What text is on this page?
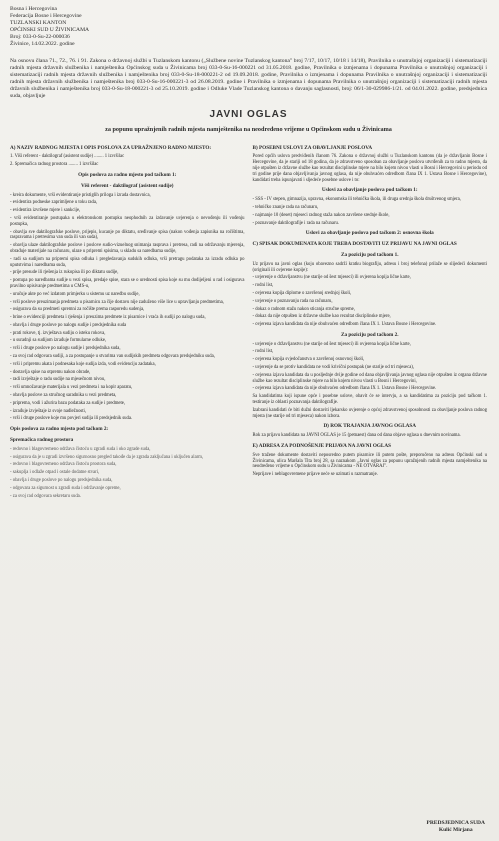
Bosna i Hercegovina
Federacija Bosne i Hercegovine
TUZLANSKI KANTON
OPĆINSKI SUD U ŽIVINICAMA
Broj: 033-0-Su-22-000036
Živinice, 14.02.2022. godine
Na osnovu člana 71., 72., 76. i 91. Zakona o državnoj službi u Tuzlanskom kantonu („Službene novine Tuzlanskog kantona" broj 7/17, 10/17, 10/18 i 14/18), Pravilnika o unutrašnjoj organizaciji i sistematizaciji radnih mjesta državnih službenika i namještenika Općinskog suda u Živinicama broj 033-0-Su-16-000221 od 31.05.2018. godine, Pravilnika o izmjenama i dopunama Pravilnika o unutrašnjoj organizaciji i sistematizaciji radnih mjesta državnih službenika i namještenika broj 033-0-Su-18-000221-2 od 19.09.2018. godine, Pravilnika o izmjenama i dopunama Pravilnika o unutrašnjoj organizaciji i sistematizaciji radnih mjesta državnih službenika i namještenika broj 033-0-Su-16-000221-3 od 26.08.2019. godine i Pravilnika o izmjenama i dopunama Pravilnika o unutrašnjoj organizaciji i sistematizaciji radnih mjesta državnih službenika i namještenika broj 033-0-Su-18-000221-3 od 25.10.2019. godine i Odluke Vlade Tuzlanskog kantona o davanju saglasnosti, broj: 06/1-30-029986-1/21. od 04.01.2022. godine, predsjednica suda, objavljuje
JAVNI OGLAS
za popunu upražnjenih radnih mjesta namještenika na neodređeno vrijeme u Općinskom sudu u Živinicama
A) NAZIV RADNOG MJESTA I OPIS POSLOVA ZA UPRAŽNJENO RADNO MJESTO:

1. Viši referent - daktilograf (asistent sudije) ........ 1 izvršilac

2. Spremačica radnog prostora ........ 1 izvršilac

Opis poslova za radno mjesto pod tačkom 1:
Viši referent - daktilograf (asistent sudije)

- kreira dokumente, vrši evidentiranje pristiglih priloga i izrada dostavnica,

- evidentira podneske zaprimljene u toku rada,

- evidentira izvršene mjere i sankcije,

- vrši evidentiranje postupaka u elektronskom postupku neophodnih za izdavanje uvjerenja o nevođenju ili vođenju postupka,

- obavlja sve daktilografske poslove, prijepis, kucanje po diktatu, sređivanje spisa (nakon vođenja zapisnika na ročištima, raspravama i pretresima van suda ili van suda),

- obavlja ulaze daktilografske poslove i poslove sudio-vizuelnog snimanja rasprava i pretresa, radi na održavanju mjerenja, obrađuje materijale na računaru, ulaze u pripremi spisima, u skladu sa naredbama sudije,

- radi sa sudijom na pripremi spisa odluka i pregledavanja sudskih odluka, vrši pretragu podataka za izradu odluka po uputstvima i naredbama suda,

- prije presude ili rješenja iz rukopisa ili po diktatu sudije,

- postupa po naredbama sudije u vezi spisa, predaje spise, stara se o urednosti spisa koje su mu dodijeljeni u rad i osigurava pravilno upisivanje predmetima u CMS-u,

- uručuje akte po već izdatom primjerku u sistemu uz naredbu sudije,

- vrši poslove preuzimanja predmeta u pisarnicu za čije dostavu nije zaduženo više lice u upravljanju predmetima,

- osigurava da su predmeti spremni za ročište prema rasporedu sudenja,

- brine o evidenciji predmeta i rješenja i preuzima predmete iz pisarnice i vraća ih sudiji po nalogu suda,

- obavlja i druge poslove po nalogu sudije i predsjednika suda

- prati rokove, tj. izvještava sudiju o isteku rokova,

- u suradnji sa sudijom izrađuje formularne odluke,

- vrši i druge poslove po nalogu sudije i predsjednika suda,

- za svoj rad odgovara sudiji, a za postupanje u stvarima van sudijskih predmeta odgovara predsjedniku suda,

- vrši i pripremu akata i podnesaka koje sudija izda, vodi evidenciju zadataka,

- dostavlja spise na otpremu nakon obrade,

- radi izvještaje o radu sudije na mjesečnom nivou,

- vrši umnožavanje materijala u vezi predmeta i na kopir aparatu,

- obavlja poslove za stručnog saradnika u vezi predmeta,

- priprema, vodi i ažurira bazu podataka za sudije i predmete,

- izrađuje izvještaje iz svoje nadležnosti,

- vrši i druge poslove koje mu povjeri sudija ili predsjednik suda.

Opis poslova za radno mjesto pod tačkom 2:
Spremačica radnog prostora

- redovno i blagovremeno održava čistoću u zgradi suda i oko zgrade suda,

- osigurava da je u zgradi izvršeno sigurnosno pregled takođe da je zgrada zaključana i uključen alarm,

- redovno i blagovremeno održava čistoću prostora suda,

- sakuplja i odlaže otpad i ostale dodatne stvari,

- obavlja i druge poslove po nalogu predsjednika suda,

- odgovara za sigurnost u zgradi suda i održavanje opreme,

- za svoj rad odgovara sekretaru suda.

B) POSEBNI USLOVI ZA OBAVLJANJE POSLOVA

Pored općih uslova predviđenih članom 76. Zakona o državnoj službi u Tuzlanskom kantonu (da je državljanin Bosne i Hercegovine, da je stariji od 18 godina, da je zdravstveno sposoban za obavljanje poslova utvrđenih za to radno mjesto, da nije otpušten iz državne službe kao rezultat disciplinske mjere na bilo kojem nivou vlasti u Bosni i Hercegovini u periodu od tri godine prije dana objavljivanja javnog oglasa, da nije obuhvaćen odredbom člana IX 1. Ustava Bosne i Hercegovine), kandidati treba ispunjavati i sljedeće posebne uslove i to:

Uslovi za obavljanje poslova pod tačkom 1:

- SSS - IV stepen, gimnazija, upravna, ekonomska ili tehnička škola, ili druga srednja škola društvenog smjera,

- tehničko znanje rada na računaru,

- najmanje 10 (deset) mjeseci radnog staža nakon završene srednje škole,

- poznavanje daktilografije i rada na računaru.

Uslovi za obavljanje poslova pod tačkom 2: osnovna škola
C) SPISAK DOKUMENATA KOJE TREBA DOSTAVITI UZ PRIJAVU NA JAVNI OGLAS
Za poziciju pod tačkom 1.

Uz prijavu na javni oglas (koju obavezno sadrži kratku biografiju, adresu i broj telefona) prilaže se slijedeći dokumenti (originali ili ovjerene kopije):

- uvjerenje o državljanstvu (ne starije od šest mjeseci) ili ovjerena kopija lične karte,

- rodni list,

- ovjerena kopija diplome o završenoj srednjoj školi,

- uvjerenje o poznavanju rada na računaru,

- dokaz o radnom stažu nakon sticanja stručne spreme,

- dokaz da nije otpušten iz državne službe kao rezultat disciplinske mjere,

- ovjerena izjava kandidata da nije obuhvaćen odredbom člana IX 1. Ustava Bosne i Hercegovine.

Za poziciju pod tačkom 2.

- uvjerenje o državljanstvu (ne starije od šest mjeseci) ili ovjerena kopija lične karte,

- rodni list,

- ovjerena kopija svjedočanstva o završenoj osnovnoj školi,

- uvjerenje da se protiv kandidata ne vodi krivični postupak (ne starije od tri mjeseca),

- ovjerena izjava kandidata da u posljednje dvije godine od dana objavljivanja javnog oglasa nije otpušten iz organa državne službe kao rezultat disciplinske mjere na bilo kojem nivou vlasti u Bosni i Hercegovini,

- ovjerena izjava kandidata da nije obuhvaćen odredbom člana IX 1. Ustava Bosne i Hercegovine.

Sa kandidatima koji ispune opće i posebne uslove, obavit će se intervju, a sa kandidatima za poziciju pod tačkom 1. testiranje iz oblasti poznavanja daktilografije.

Izabrani kandidati će biti dužni dostaviti ljekarsko uvjerenje o općoj zdravstvenoj sposobnosti za obavljanje poslova radnog mjesta (ne starije od tri mjeseca) nakon izbora.

D) ROK TRAJANJA JAVNOG OGLASA

Rok za prijavu kandidata na JAVNI OGLAS je 15 (petnaest) dana od dana objave oglasa u dnevnim novinama.

E) ADRESA ZA PODNOŠENJE PRIJAVA NA JAVNI OGLAS

Sve tražene dokumente dostaviti neposredno putem pisarnice ili putem pošte, preporučeno na adresu Općinski sud u Živinicama, ulica Maršala Tita broj 28, sa naznakom „Javni oglas za popunu upražnjenih radnih mjesta namještenika na neodređeno vrijeme u Općinskom sudu u Živinicama - NE OTVARAJ".

Neprijave i neblagovremene prijave neće se uzimati u razmatranje.

PREDSJEDNICA SUDA
Kulić Mirjana
